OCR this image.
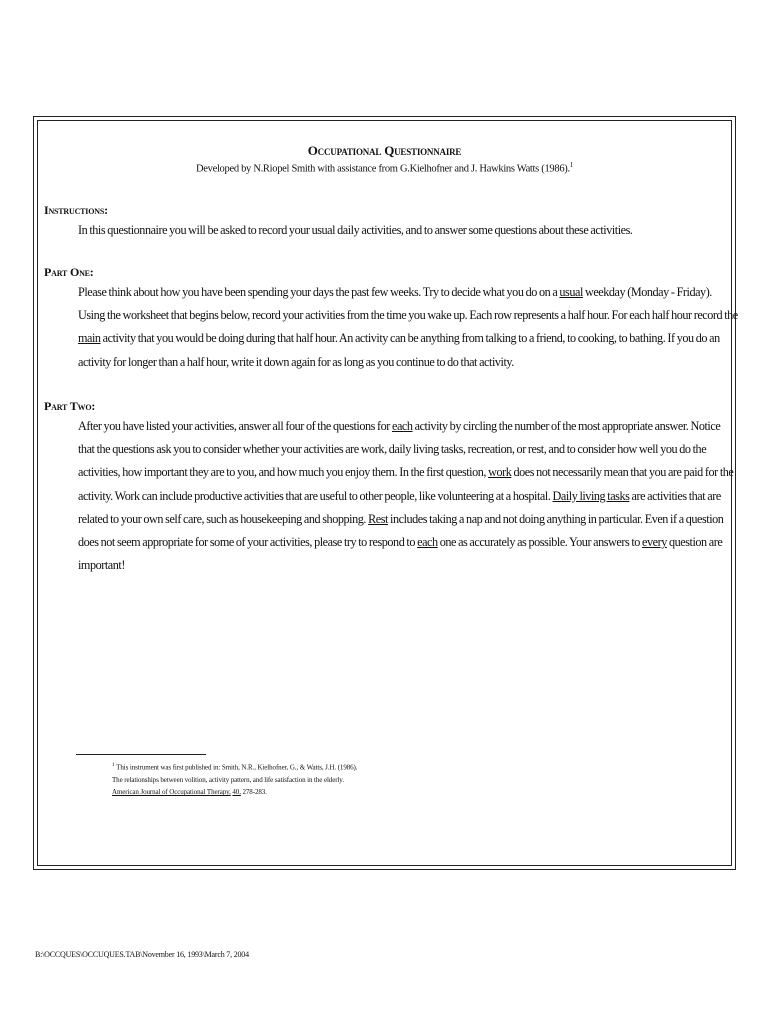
Occupational Questionnaire
Developed by N.Riopel Smith with assistance from G.Kielhofner and J. Hawkins Watts (1986).$^1$
Instructions:
In this questionnaire you will be asked to record your usual daily activities, and to answer some questions about these activities.
Part One:
Please think about how you have been spending your days the past few weeks. Try to decide what you do on a usual weekday (Monday - Friday). Using the worksheet that begins below, record your activities from the time you wake up. Each row represents a half hour. For each half hour record the main activity that you would be doing during that half hour. An activity can be anything from talking to a friend, to cooking, to bathing. If you do an activity for longer than a half hour, write it down again for as long as you continue to do that activity.
Part Two:
After you have listed your activities, answer all four of the questions for each activity by circling the number of the most appropriate answer. Notice that the questions ask you to consider whether your activities are work, daily living tasks, recreation, or rest, and to consider how well you do the activities, how important they are to you, and how much you enjoy them. In the first question, work does not necessarily mean that you are paid for the activity. Work can include productive activities that are useful to other people, like volunteering at a hospital. Daily living tasks are activities that are related to your own self care, such as housekeeping and shopping. Rest includes taking a nap and not doing anything in particular. Even if a question does not seem appropriate for some of your activities, please try to respond to each one as accurately as possible. Your answers to every question are important!
$^1$ This instrument was first published in: Smith, N.R., Kielhofner, G., & Watts, J.H. (1986).
The relationships between volition, activity pattern, and life satisfaction in the elderly.
American Journal of Occupational Therapy, 40, 278-283.
B:\OCCQUES\OCCUQUES.TAB\November 16, 1993\March 7, 2004
